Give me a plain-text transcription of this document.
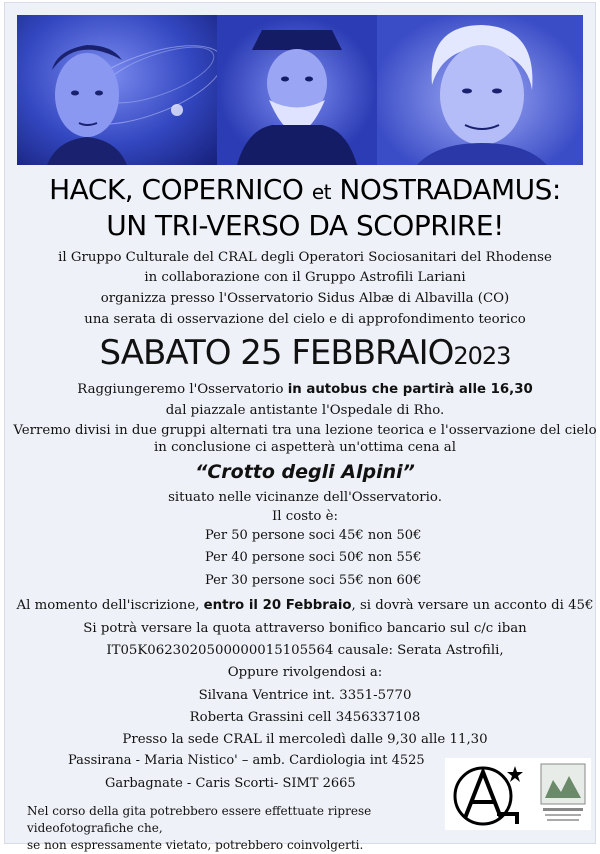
HACK, COPERNICO et NOSTRADAMUS:
UN TRI-VERSO DA SCOPRIRE!
il Gruppo Culturale del CRAL degli Operatori Sociosanitari del Rhodense
in collaborazione con il Gruppo Astrofili Lariani
organizza presso l'Osservatorio Sidus Albæ di Albavilla (CO)
una serata di osservazione del cielo e di approfondimento teorico
SABATO 25 FEBBRAIO2023
Raggiungeremo l'Osservatorio in autobus che partirà alle 16,30
dal piazzale antistante l'Ospedale di Rho.
Verremo divisi in due gruppi alternati tra una lezione teorica e l'osservazione del cielo
in conclusione ci aspetterà un'ottima cena al
“Crotto degli Alpini”
situato nelle vicinanze dell'Osservatorio.
Il costo è:
Per 50 persone soci 45€ non 50€
Per 40 persone soci 50€ non 55€
Per 30 persone soci 55€ non 60€
Al momento dell'iscrizione, entro il 20 Febbraio, si dovrà versare un acconto di 45€
Si potrà versare la quota attraverso bonifico bancario sul c/c iban
IT05K0623020500000015105564 causale: Serata Astrofili,
Oppure rivolgendosi a:
Silvana Ventrice int. 3351-5770
Roberta Grassini cell 3456337108
Presso la sede CRAL il mercoledì dalle 9,30 alle 11,30
Passirana - Maria Nistico' – amb. Cardiologia int 4525
Garbagnate - Caris Scorti- SIMT 2665
Nel corso della gita potrebbero essere effettuate riprese videofotografiche che,
se non espressamente vietato, potrebbero coinvolgerti.
